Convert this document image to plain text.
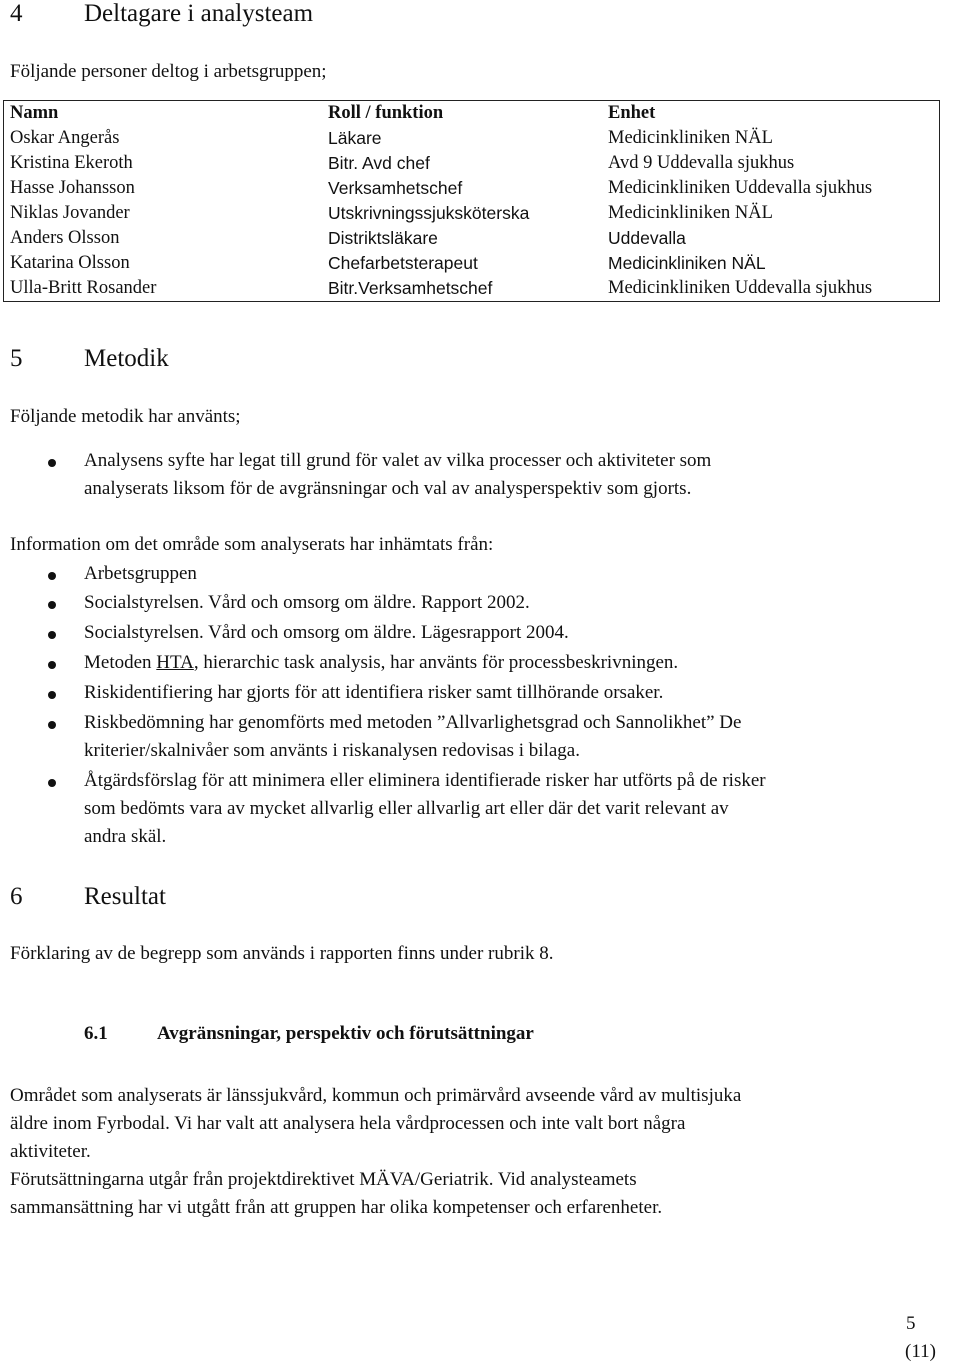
4 Deltagare i analysteam
Följande personer deltog i arbetsgruppen;
Namn	Roll / funktion	Enhet
Oskar Angerås	Läkare	Medicinkliniken NÄL
Kristina Ekeroth	Bitr. Avd chef	Avd 9 Uddevalla sjukhus
Hasse Johansson	Verksamhetschef	Medicinkliniken Uddevalla sjukhus
Niklas Jovander	Utskrivningssjuksköterska	Medicinkliniken NÄL
Anders Olsson	Distriktsläkare	Uddevalla
Katarina Olsson	Chefarbetsterapeut	Medicinkliniken NÄL
Ulla-Britt Rosander	Bitr.Verksamhetschef	Medicinkliniken Uddevalla sjukhus
5 Metodik
Följande metodik har använts;
Analysens syfte har legat till grund för valet av vilka processer och aktiviteter som
analyserats liksom för de avgränsningar och val av analysperspektiv som gjorts.
Information om det område som analyserats har inhämtats från:
Arbetsgruppen
Socialstyrelsen. Vård och omsorg om äldre. Rapport 2002.
Socialstyrelsen. Vård och omsorg om äldre. Lägesrapport 2004.
Metoden HTA, hierarchic task analysis, har använts för processbeskrivningen.
Riskidentifiering har gjorts för att identifiera risker samt tillhörande orsaker.
Riskbedömning har genomförts med metoden ”Allvarlighetsgrad och Sannolikhet” De
kriterier/skalnivåer som använts i riskanalysen redovisas i bilaga.
Åtgärdsförslag för att minimera eller eliminera identifierade risker har utförts på de risker
som bedömts vara av mycket allvarlig eller allvarlig art eller där det varit relevant av
andra skäl.
6 Resultat
Förklaring av de begrepp som används i rapporten finns under rubrik 8.
6.1	Avgränsningar, perspektiv och förutsättningar
Området som analyserats är länssjukvård, kommun och primärvård avseende vård av multisjuka
äldre inom Fyrbodal. Vi har valt att analysera hela vårdprocessen och inte valt bort några
aktiviteter.
Förutsättningarna utgår från projektdirektivet MÄVA/Geriatrik. Vid analysteamets
sammansättning har vi utgått från att gruppen har olika kompetenser och erfarenheter.
5
(11)
